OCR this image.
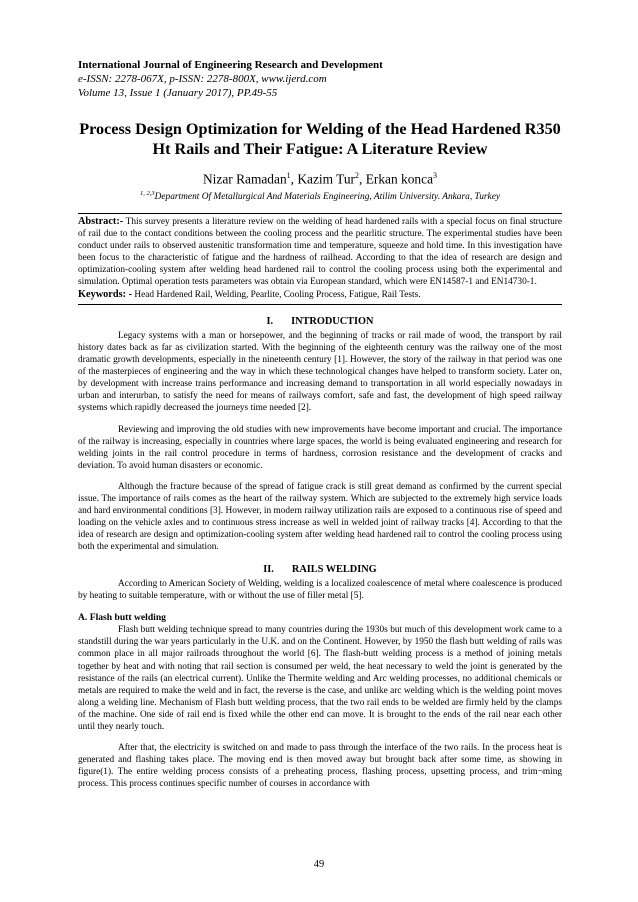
International Journal of Engineering Research and Development
e-ISSN: 2278-067X, p-ISSN: 2278-800X, www.ijerd.com
Volume 13, Issue 1 (January 2017), PP.49-55
Process Design Optimization for Welding of the Head Hardened R350 Ht Rails and Their Fatigue: A Literature Review
Nizar Ramadan$^1$, Kazim Tur$^2$, Erkan konca$^3$
$^{1, 2,3}$Department Of Metallurgical And Materials Engineering, Atilim University. Ankara, Turkey
Abstract:- This survey presents a literature review on the welding of head hardened rails with a special focus on final structure of rail due to the contact conditions between the cooling process and the pearlitic structure. The experimental studies have been conduct under rails to observed austenitic transformation time and temperature, squeeze and hold time. In this investigation have been focus to the characteristic of fatigue and the hardness of railhead. According to that the idea of research are design and optimization-cooling system after welding head hardened rail to control the cooling process using both the experimental and simulation. Optimal operation tests parameters was obtain via European standard, which were EN14587-1 and EN14730-1.
Keywords: - Head Hardened Rail, Welding, Pearlite, Cooling Process, Fatigue, Rail Tests.
I. INTRODUCTION

Legacy systems with a man or horsepower, and the beginning of tracks or rail made of wood, the transport by rail history dates back as far as civilization started. With the beginning of the eighteenth century was the railway one of the most dramatic growth developments, especially in the nineteenth century [1]. However, the story of the railway in that period was one of the masterpieces of engineering and the way in which these technological changes have helped to transform society. Later on, by development with increase trains performance and increasing demand to transportation in all world especially nowadays in urban and interurban, to satisfy the need for means of railways comfort, safe and fast, the development of high speed railway systems which rapidly decreased the journeys time needed [2].

Reviewing and improving the old studies with new improvements have become important and crucial. The importance of the railway is increasing, especially in countries where large spaces, the world is being evaluated engineering and research for welding joints in the rail control procedure in terms of hardness, corrosion resistance and the development of cracks and deviation. To avoid human disasters or economic.

Although the fracture because of the spread of fatigue crack is still great demand as confirmed by the current special issue. The importance of rails comes as the heart of the railway system. Which are subjected to the extremely high service loads and hard environmental conditions [3]. However, in modern railway utilization rails are exposed to a continuous rise of speed and loading on the vehicle axles and to continuous stress increase as well in welded joint of railway tracks [4]. According to that the idea of research are design and optimization-cooling system after welding head hardened rail to control the cooling process using both the experimental and simulation.

II. RAILS WELDING

According to American Society of Welding, welding is a localized coalescence of metal where coalescence is produced by heating to suitable temperature, with or without the use of filler metal [5].

A. Flash butt welding

Flash butt welding technique spread to many countries during the 1930s but much of this development work came to a standstill during the war years particularly in the U.K. and on the Continent. However, by 1950 the flash butt welding of rails was common place in all major railroads throughout the world [6]. The flash-butt welding process is a method of joining metals together by heat and with noting that rail section is consumed per weld, the heat necessary to weld the joint is generated by the resistance of the rails (an electrical current). Unlike the Thermite welding and Arc welding processes, no additional chemicals or metals are required to make the weld and in fact, the reverse is the case, and unlike arc welding which is the welding point moves along a welding line. Mechanism of Flash butt welding process, that the two rail ends to be welded are firmly held by the clamps of the machine. One side of rail end is fixed while the other end can move. It is brought to the ends of the rail near each other until they nearly touch.

After that, the electricity is switched on and made to pass through the interface of the two rails. In the process heat is generated and flashing takes place. The moving end is then moved away but brought back after some time, as showing in figure(1). The entire welding process consists of a preheating process, flashing process, upsetting process, and trim¬ming process. This process continues specific number of courses in accordance with

49
